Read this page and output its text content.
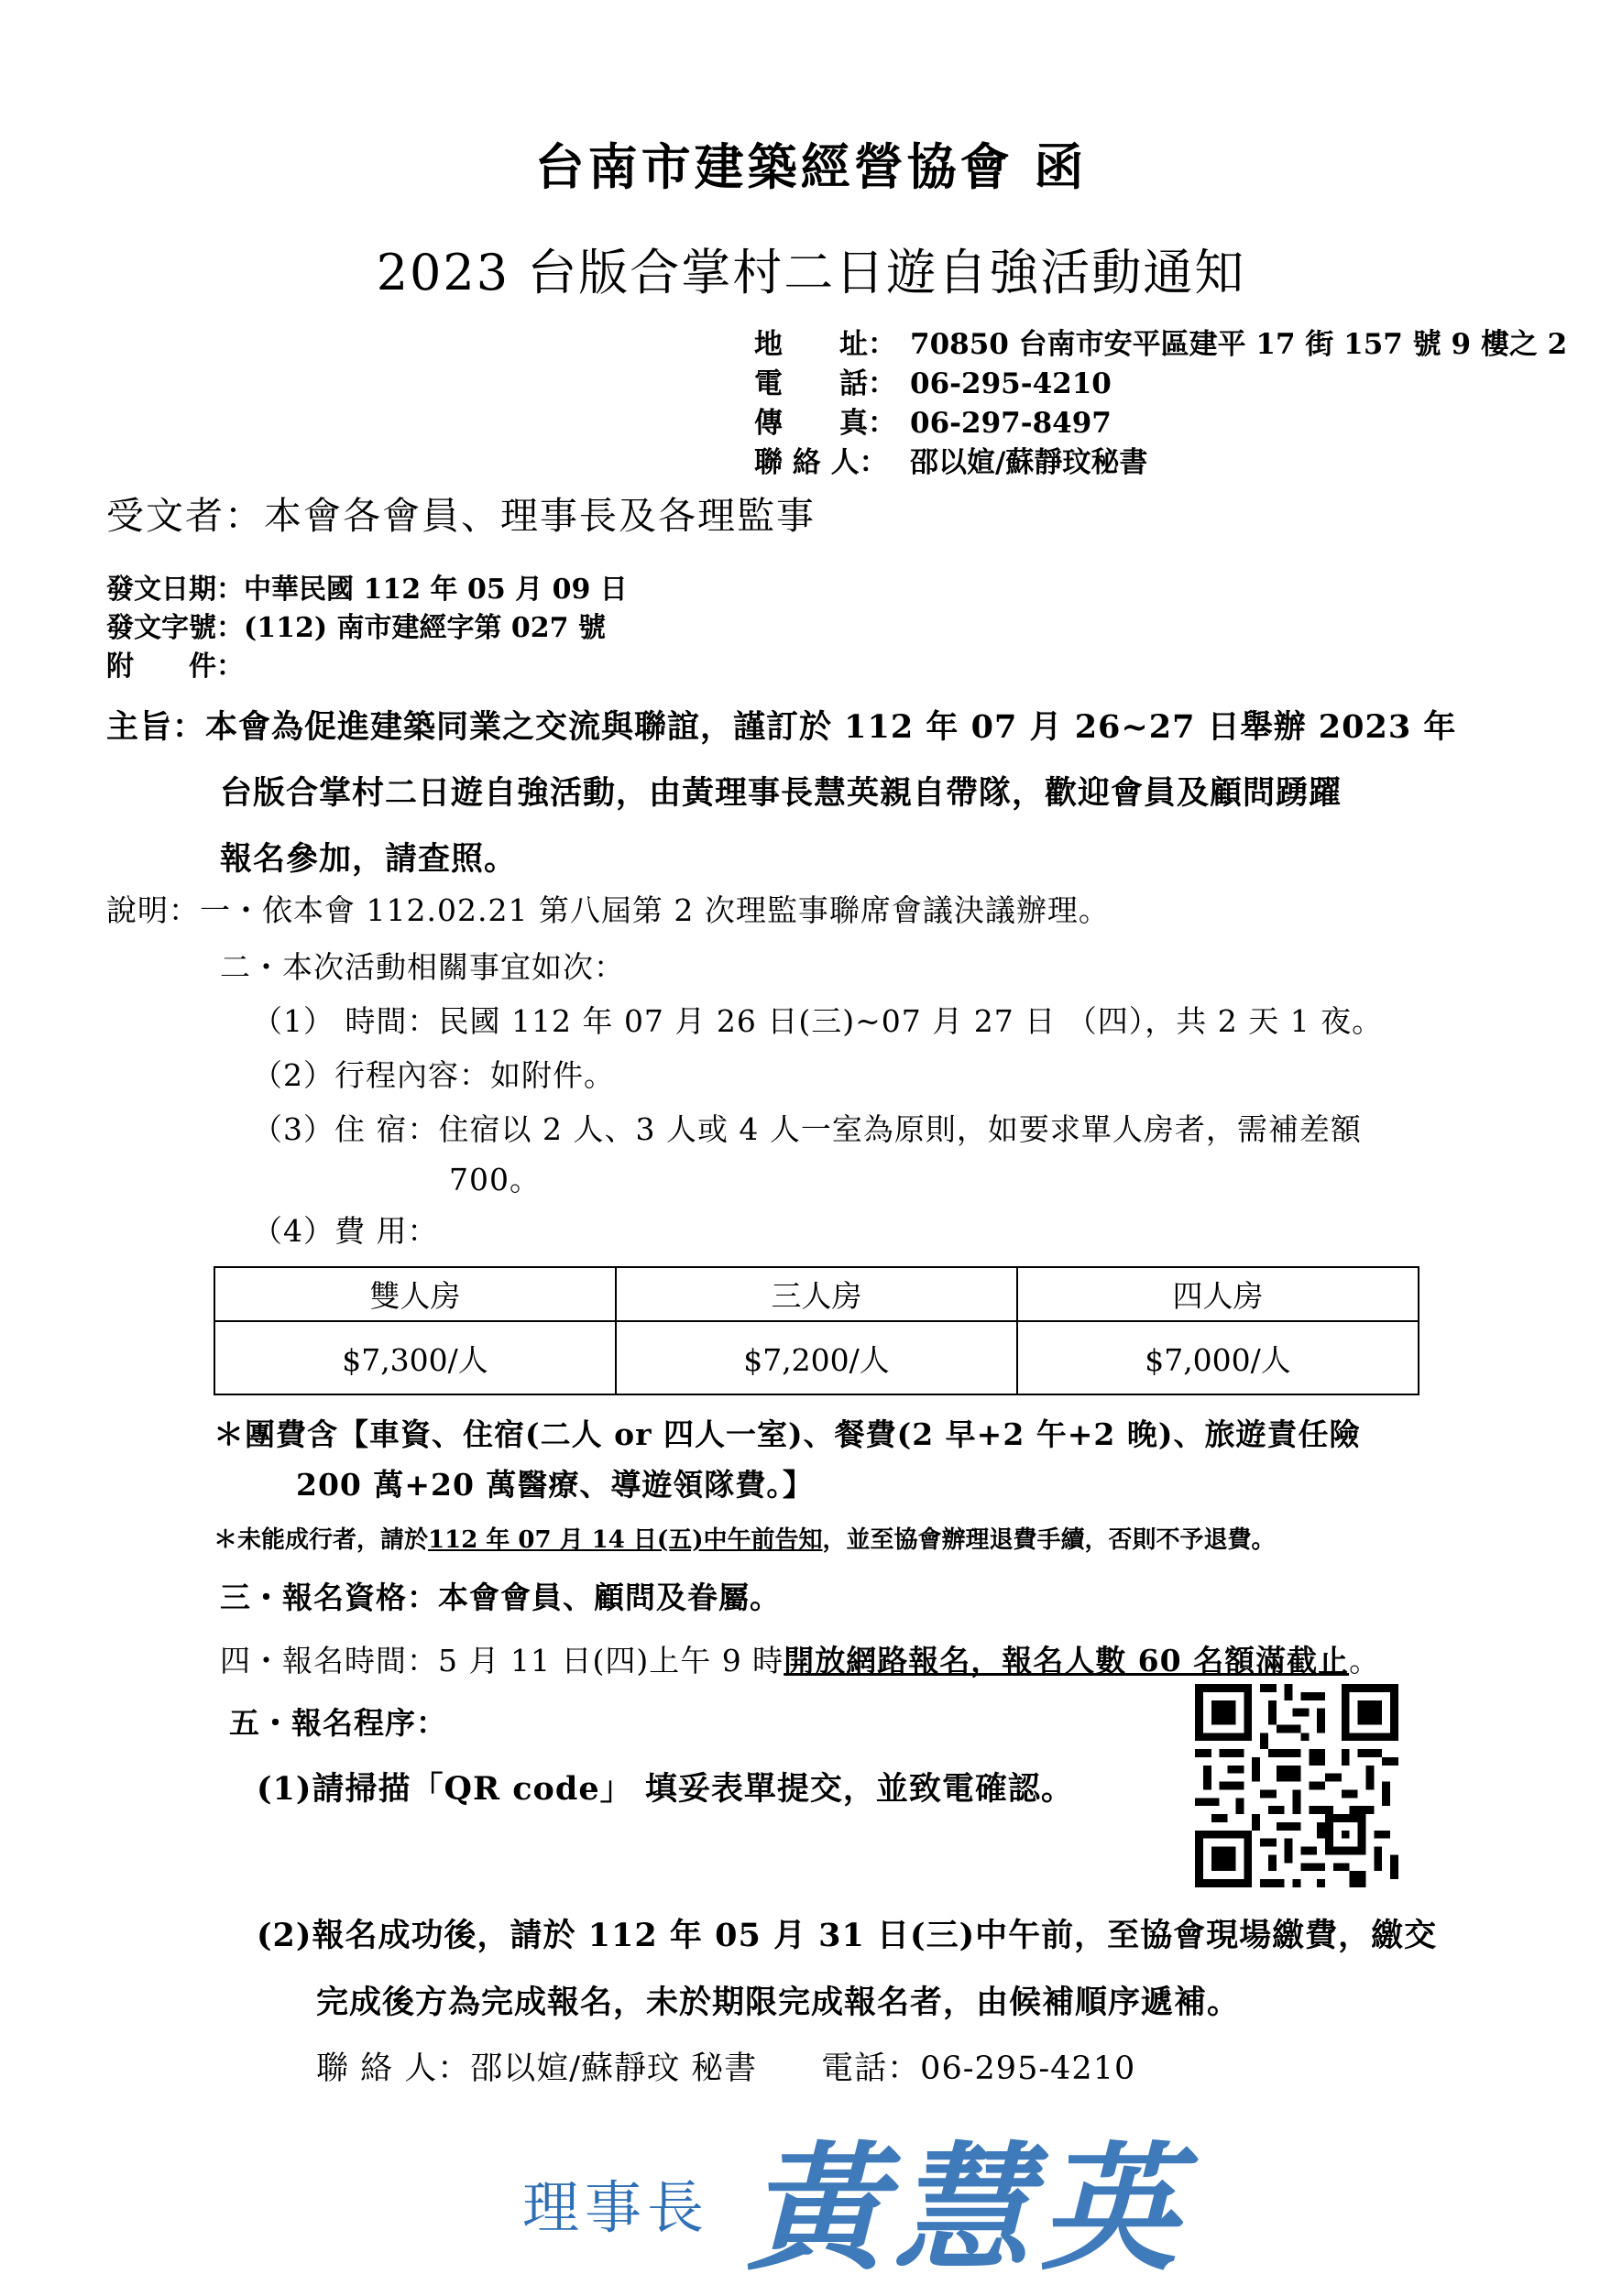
台南市建築經營協會 函
2023 台版合掌村二日遊自強活動通知
地　　址： 70850 台南市安平區建平 17 街 157 號 9 樓之 2
電　　話： 06-295-4210
傳　　真： 06-297-8497
聯 絡 人： 邵以媗/蘇靜玟秘書
受文者：本會各會員、理事長及各理監事
發文日期：中華民國 112 年 05 月 09 日
發文字號：(112) 南市建經字第 027 號
附　　件：
主旨：本會為促進建築同業之交流與聯誼，謹訂於 112 年 07 月 26~27 日舉辦 2023 年
台版合掌村二日遊自強活動，由黃理事長慧英親自帶隊，歡迎會員及顧問踴躍
報名參加，請查照。
說明：一・依本會 112.02.21 第八屆第 2 次理監事聯席會議決議辦理。
二・本次活動相關事宜如次：
（1） 時間：民國 112 年 07 月 26 日(三)~07 月 27 日 （四），共 2 天 1 夜。
（2）行程內容：如附件。
（3）住 宿：住宿以 2 人、3 人或 4 人一室為原則，如要求單人房者，需補差額
700。
（4）費 用：
雙人房	三人房	四人房
$7,300/人	$7,200/人	$7,000/人
＊團費含【車資、住宿(二人 or 四人一室)、餐費(2 早+2 午+2 晚)、旅遊責任險
200 萬+20 萬醫療、導遊領隊費。】
＊未能成行者，請於112 年 07 月 14 日(五)中午前告知，並至協會辦理退費手續，否則不予退費。
三・報名資格：本會會員、顧問及眷屬。
四・報名時間：5 月 11 日(四)上午 9 時開放網路報名，報名人數 60 名額滿截止。
五・報名程序：
(1)請掃描「QR code」 填妥表單提交，並致電確認。
(2)報名成功後，請於 112 年 05 月 31 日(三)中午前，至協會現場繳費，繳交
完成後方為完成報名，未於期限完成報名者，由候補順序遞補。
聯 絡 人：邵以媗/蘇靜玟 秘書 電話：06-295-4210
理事長 黃慧英
